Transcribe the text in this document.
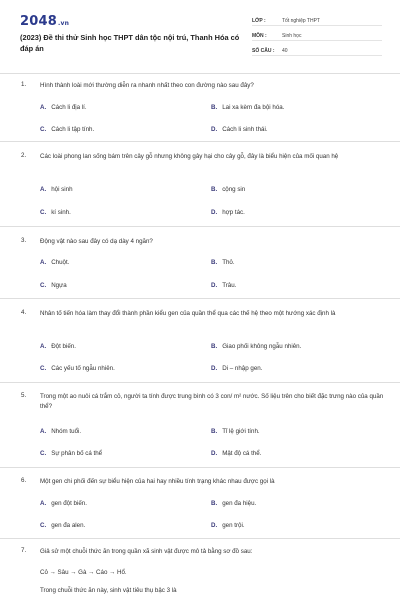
2048.vn
(2023) Đề thi thử Sinh học THPT dân tộc nội trú, Thanh Hóa có đáp án
LỚP :	Tốt nghiệp THPT
MÔN :	Sinh học
SỐ CÂU :	40
1. Hình thành loài mới thường diễn ra nhanh nhất theo con đường nào sau đây?
A. Cách li địa lí.	B. Lai xa kèm đa bội hóa.
C. Cách li tập tính.	D. Cách li sinh thái.
2. Các loài phong lan sống bám trên cây gỗ nhưng không gây hại cho cây gỗ, đây là biểu hiện của mối quan hệ
A. hội sinh	B. cộng sin
C. kí sinh.	D. hợp tác.
3. Động vật nào sau đây có dạ dày 4 ngăn?
A. Chuột.	B. Thỏ.
C. Ngựa	D. Trâu.
4. Nhân tố tiến hóa làm thay đổi thành phần kiểu gen của quần thể qua các thế hệ theo một hướng xác định là
A. Đột biến.	B. Giao phối không ngẫu nhiên.
C. Các yếu tố ngẫu nhiên.	D. Di – nhập gen.
5. Trong một ao nuôi cá trắm cỏ, người ta tính được trung bình có 3 con/ m² nước. Số liệu trên cho biết đặc trưng nào của quần thể?
A. Nhóm tuổi.	B. Tỉ lệ giới tính.
C. Sự phân bố cá thể	D. Mật độ cá thể.
6. Một gen chi phối đến sự biểu hiện của hai hay nhiều tính trạng khác nhau được gọi là
A. gen đột biến.	B. gen đa hiệu.
C. gen đa alen.	D. gen trội.
7. Giả sử một chuỗi thức ăn trong quần xã sinh vật được mô tả bằng sơ đồ sau:
Cỏ → Sâu → Gà → Cáo → Hổ.
Trong chuỗi thức ăn này, sinh vật tiêu thụ bậc 3 là
